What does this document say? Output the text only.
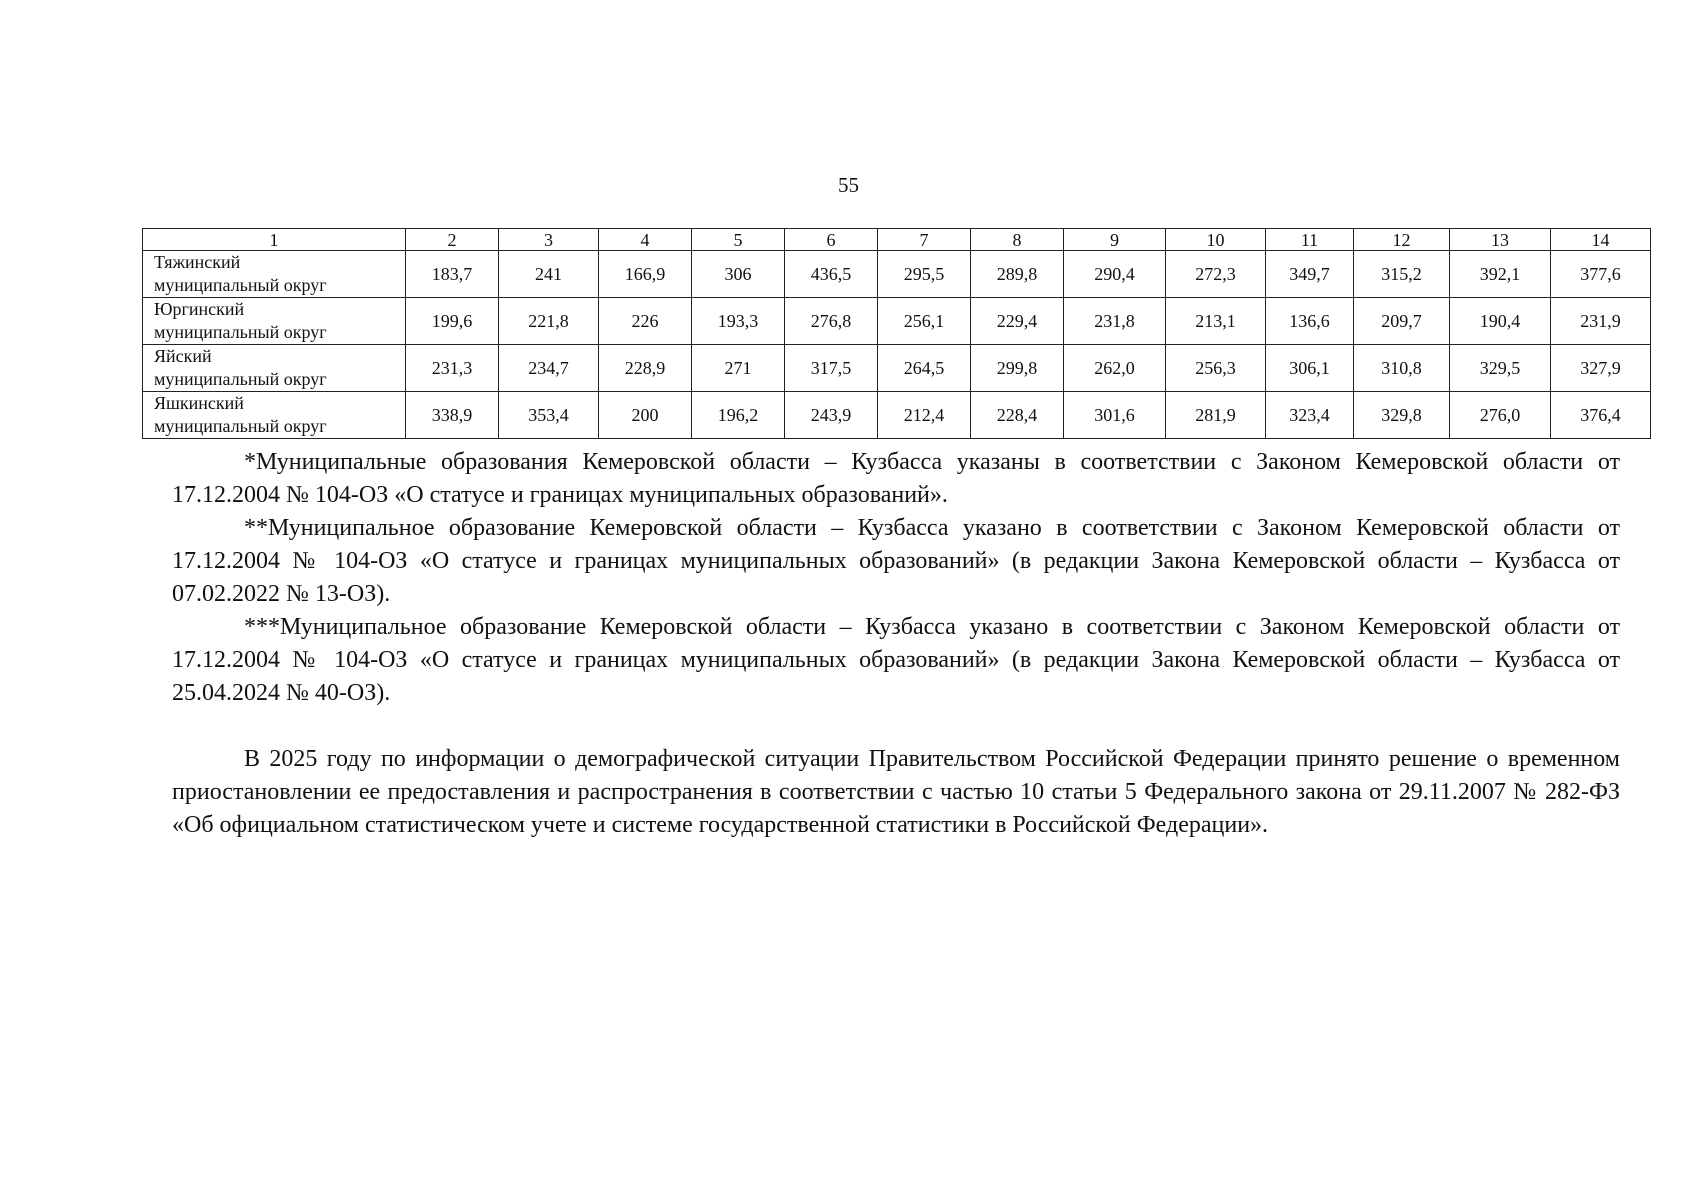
55
1	2	3	4	5	6	7	8	9	10	11	12	13	14

Тяжинский
муниципальный округ	183,7	241	166,9	306	436,5	295,5	289,8	290,4	272,3	349,7	315,2	392,1	377,6

Юргинский
муниципальный округ	199,6	221,8	226	193,3	276,8	256,1	229,4	231,8	213,1	136,6	209,7	190,4	231,9

Яйский
муниципальный округ	231,3	234,7	228,9	271	317,5	264,5	299,8	262,0	256,3	306,1	310,8	329,5	327,9

Яшкинский
муниципальный округ	338,9	353,4	200	196,2	243,9	212,4	228,4	301,6	281,9	323,4	329,8	276,0	376,4

*Муниципальные образования Кемеровской области – Кузбасса указаны в соответствии с Законом Кемеровской области от 17.12.2004 № 104-ОЗ «О статусе и границах муниципальных образований».

**Муниципальное образование Кемеровской области – Кузбасса указано в соответствии с Законом Кемеровской области от 17.12.2004 № 104-ОЗ «О статусе и границах муниципальных образований» (в редакции Закона Кемеровской области – Кузбасса от 07.02.2022 № 13-ОЗ).

***Муниципальное образование Кемеровской области – Кузбасса указано в соответствии с Законом Кемеровской области от 17.12.2004 № 104-ОЗ «О статусе и границах муниципальных образований» (в редакции Закона Кемеровской области – Кузбасса от 25.04.2024 № 40-ОЗ).

В 2025 году по информации о демографической ситуации Правительством Российской Федерации принято решение о временном приостановлении ее предоставления и распространения в соответствии с частью 10 статьи 5 Федерального закона от 29.11.2007 № 282-ФЗ «Об официальном статистическом учете и системе государственной статистики в Российской Федерации».
